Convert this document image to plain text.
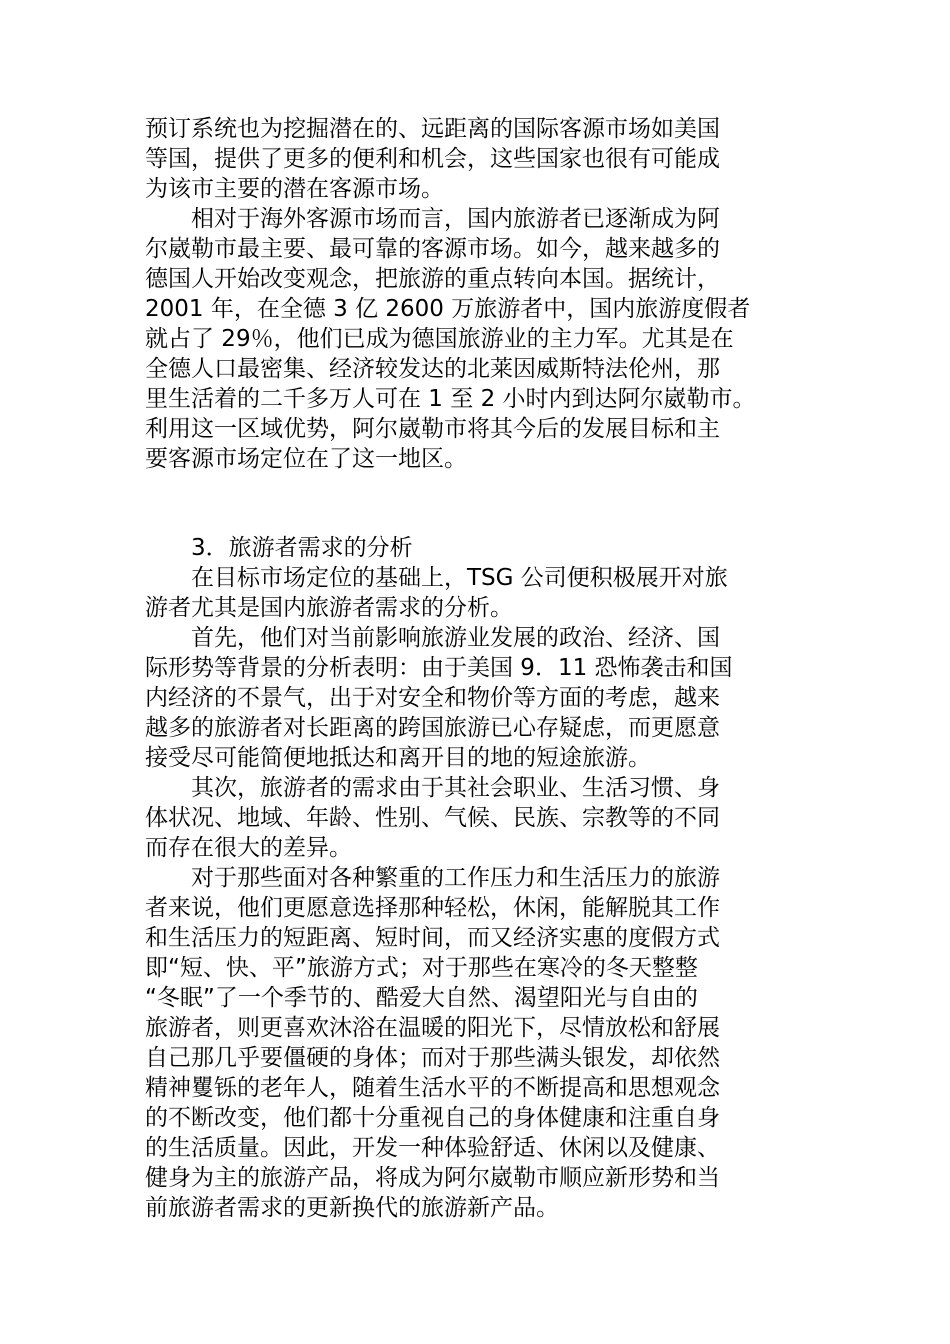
预订系统也为挖掘潜在的、远距离的国际客源市场如美国
等国，提供了更多的便利和机会，这些国家也很有可能成
为该市主要的潜在客源市场。
相对于海外客源市场而言，国内旅游者已逐渐成为阿
尔崴勒市最主要、最可靠的客源市场。如今，越来越多的
德国人开始改变观念，把旅游的重点转向本国。据统计，
2001 年，在全德 3 亿 2600 万旅游者中，国内旅游度假者
就占了 29％，他们已成为德国旅游业的主力军。尤其是在
全德人口最密集、经济较发达的北莱因威斯特法伦州，那
里生活着的二千多万人可在 1 至 2 小时内到达阿尔崴勒市。
利用这一区域优势，阿尔崴勒市将其今后的发展目标和主
要客源市场定位在了这一地区。
3．旅游者需求的分析
在目标市场定位的基础上，TSG 公司便积极展开对旅
游者尤其是国内旅游者需求的分析。
首先，他们对当前影响旅游业发展的政治、经济、国
际形势等背景的分析表明：由于美国 9．11 恐怖袭击和国
内经济的不景气，出于对安全和物价等方面的考虑，越来
越多的旅游者对长距离的跨国旅游已心存疑虑，而更愿意
接受尽可能简便地抵达和离开目的地的短途旅游。
其次，旅游者的需求由于其社会职业、生活习惯、身
体状况、地域、年龄、性别、气候、民族、宗教等的不同
而存在很大的差异。
对于那些面对各种繁重的工作压力和生活压力的旅游
者来说，他们更愿意选择那种轻松，休闲，能解脱其工作
和生活压力的短距离、短时间，而又经济实惠的度假方式
即“短、快、平”旅游方式；对于那些在寒冷的冬天整整
“冬眠”了一个季节的、酷爱大自然、渴望阳光与自由的
旅游者，则更喜欢沐浴在温暖的阳光下，尽情放松和舒展
自己那几乎要僵硬的身体；而对于那些满头银发，却依然
精神矍铄的老年人，随着生活水平的不断提高和思想观念
的不断改变，他们都十分重视自己的身体健康和注重自身
的生活质量。因此，开发一种体验舒适、休闲以及健康、
健身为主的旅游产品，将成为阿尔崴勒市顺应新形势和当
前旅游者需求的更新换代的旅游新产品。
